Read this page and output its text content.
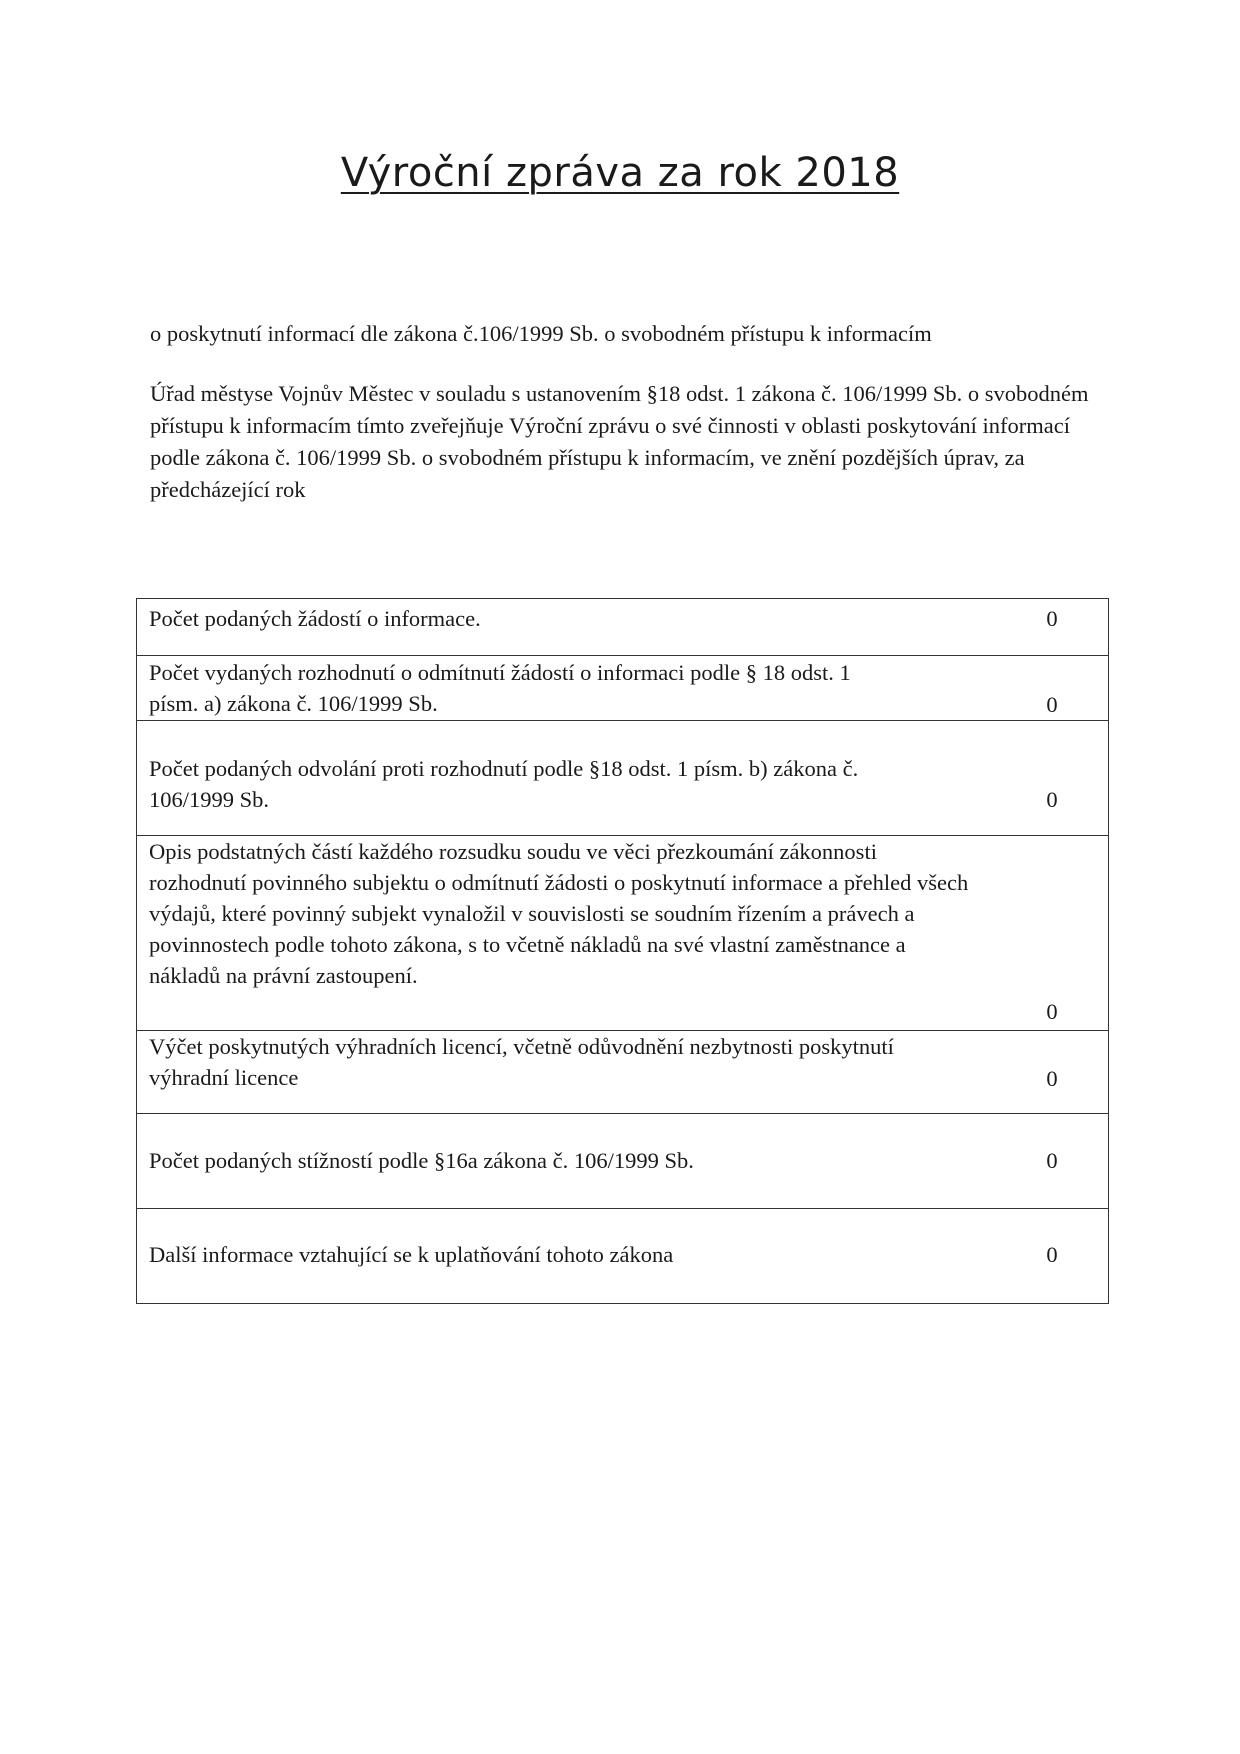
Výroční zpráva za rok 2018

o poskytnutí informací dle zákona č.106/1999 Sb. o svobodném přístupu k informacím

Úřad městyse Vojnův Městec v souladu s ustanovením §18 odst. 1 zákona č. 106/1999 Sb. o svobodném přístupu k informacím tímto zveřejňuje Výroční zprávu o své činnosti v oblasti poskytování informací podle zákona č. 106/1999 Sb. o svobodném přístupu k informacím, ve znění pozdějších úprav, za předcházející rok

Počet podaných žádostí o informace.	0

Počet vydaných rozhodnutí o odmítnutí žádostí o informaci podle § 18 odst. 1 písm. a) zákona č. 106/1999 Sb.	0

Počet podaných odvolání proti rozhodnutí podle §18 odst. 1 písm. b) zákona č. 106/1999 Sb.	0

Opis podstatných částí každého rozsudku soudu ve věci přezkoumání zákonnosti rozhodnutí povinného subjektu o odmítnutí žádosti o poskytnutí informace a přehled všech výdajů, které povinný subjekt vynaložil v souvislosti se soudním řízením a právech a povinnostech podle tohoto zákona, s to včetně nákladů na své vlastní zaměstnance a nákladů na právní zastoupení.
0

Výčet poskytnutých výhradních licencí, včetně odůvodnění nezbytnosti poskytnutí výhradní licence	0

Počet podaných stížností podle §16a zákona č. 106/1999 Sb.	0

Další informace vztahující se k uplatňování tohoto zákona	0
